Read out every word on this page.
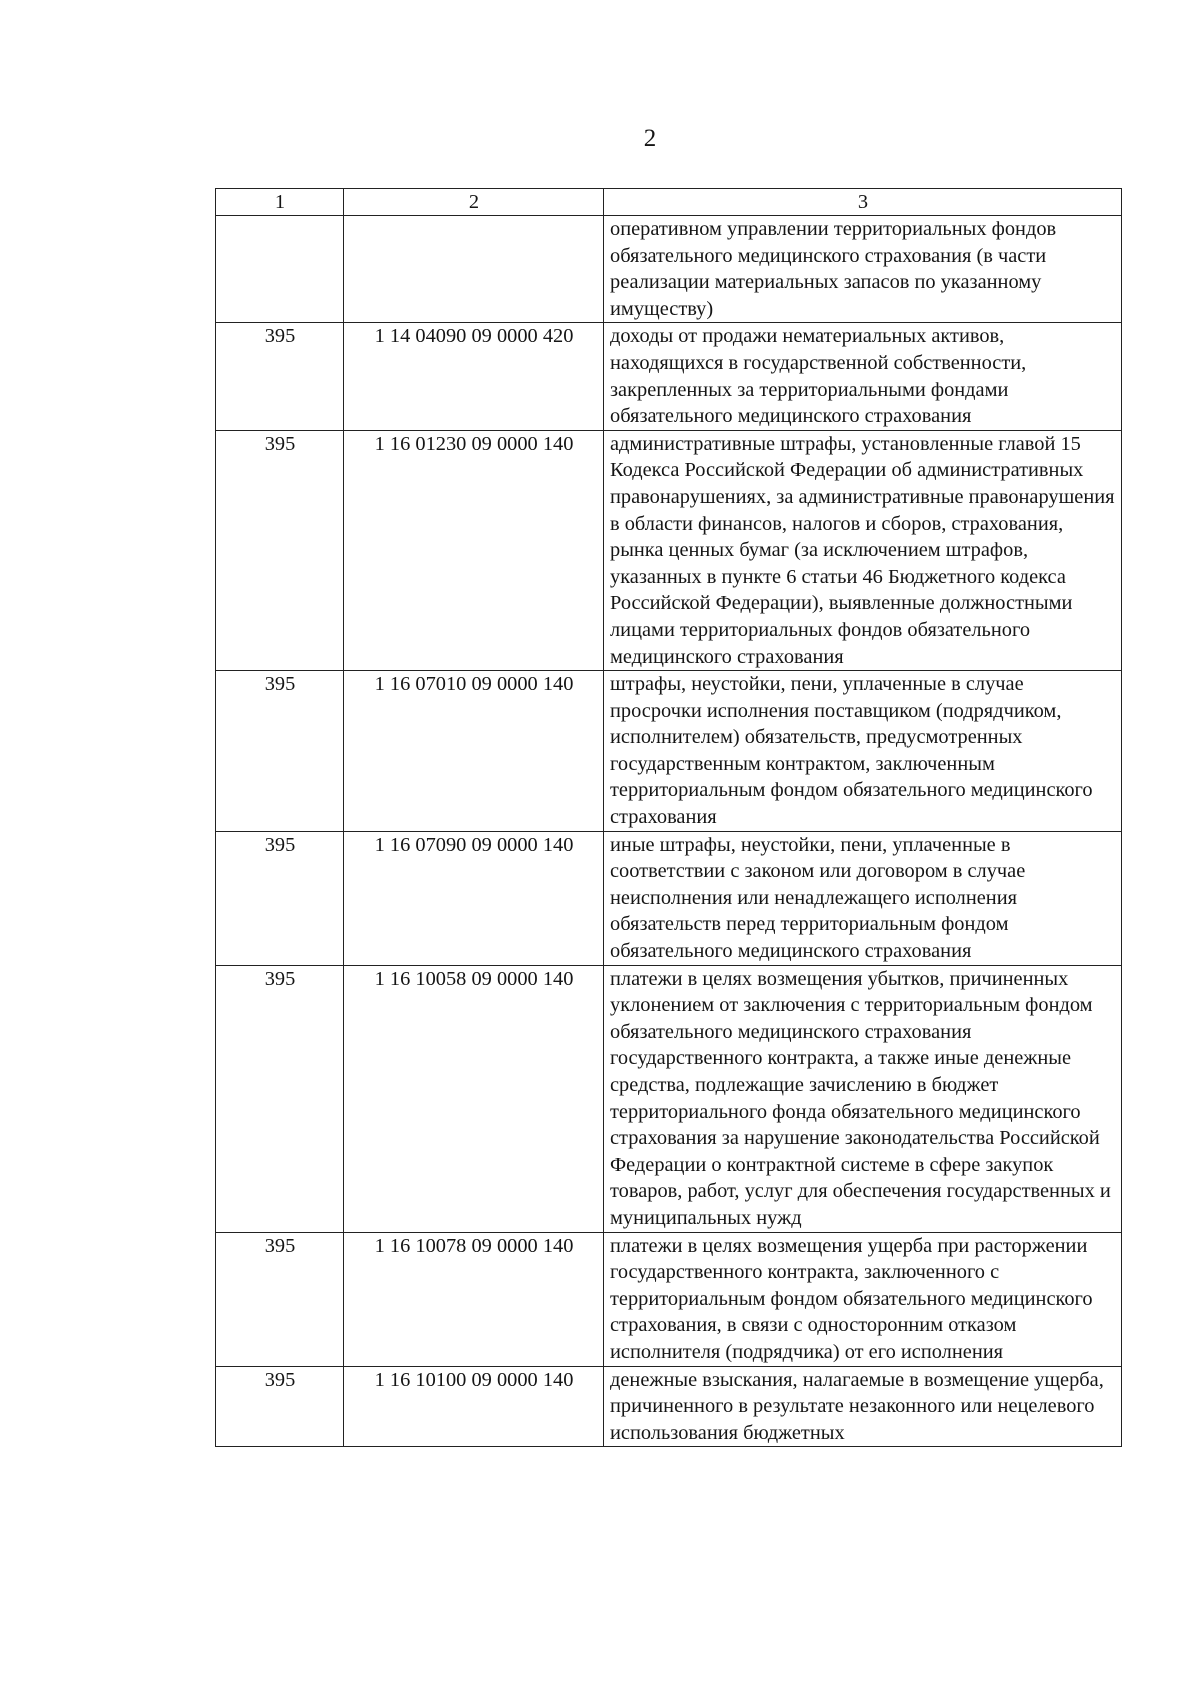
2
1	2	3
		оперативном управлении территориальных фондов обязательного медицинского страхования (в части реализации материальных запасов по указанному имуществу)
395	1 14 04090 09 0000 420	доходы от продажи нематериальных активов, находящихся в государственной собственности, закрепленных за территориальными фондами обязательного медицинского страхования
395	1 16 01230 09 0000 140	административные штрафы, установленные главой 15 Кодекса Российской Федерации об административных правонарушениях, за административные правонарушения в области финансов, налогов и сборов, страхования, рынка ценных бумаг (за исключением штрафов, указанных в пункте 6 статьи 46 Бюджетного кодекса Российской Федерации), выявленные должностными лицами территориальных фондов обязательного медицинского страхования
395	1 16 07010 09 0000 140	штрафы, неустойки, пени, уплаченные в случае просрочки исполнения поставщиком (подрядчиком, исполнителем) обязательств, предусмотренных государственным контрактом, заключенным территориальным фондом обязательного медицинского страхования
395	1 16 07090 09 0000 140	иные штрафы, неустойки, пени, уплаченные в соответствии с законом или договором в случае неисполнения или ненадлежащего исполнения обязательств перед территориальным фондом обязательного медицинского страхования
395	1 16 10058 09 0000 140	платежи в целях возмещения убытков, причиненных уклонением от заключения с территориальным фондом обязательного медицинского страхования государственного контракта, а также иные денежные средства, подлежащие зачислению в бюджет территориального фонда обязательного медицинского страхования за нарушение законодательства Российской Федерации о контрактной системе в сфере закупок товаров, работ, услуг для обеспечения государственных и муниципальных нужд
395	1 16 10078 09 0000 140	платежи в целях возмещения ущерба при расторжении государственного контракта, заключенного с территориальным фондом обязательного медицинского страхования, в связи с односторонним отказом исполнителя (подрядчика) от его исполнения
395	1 16 10100 09 0000 140	денежные взыскания, налагаемые в возмещение ущерба, причиненного в результате незаконного или нецелевого использования бюджетных
